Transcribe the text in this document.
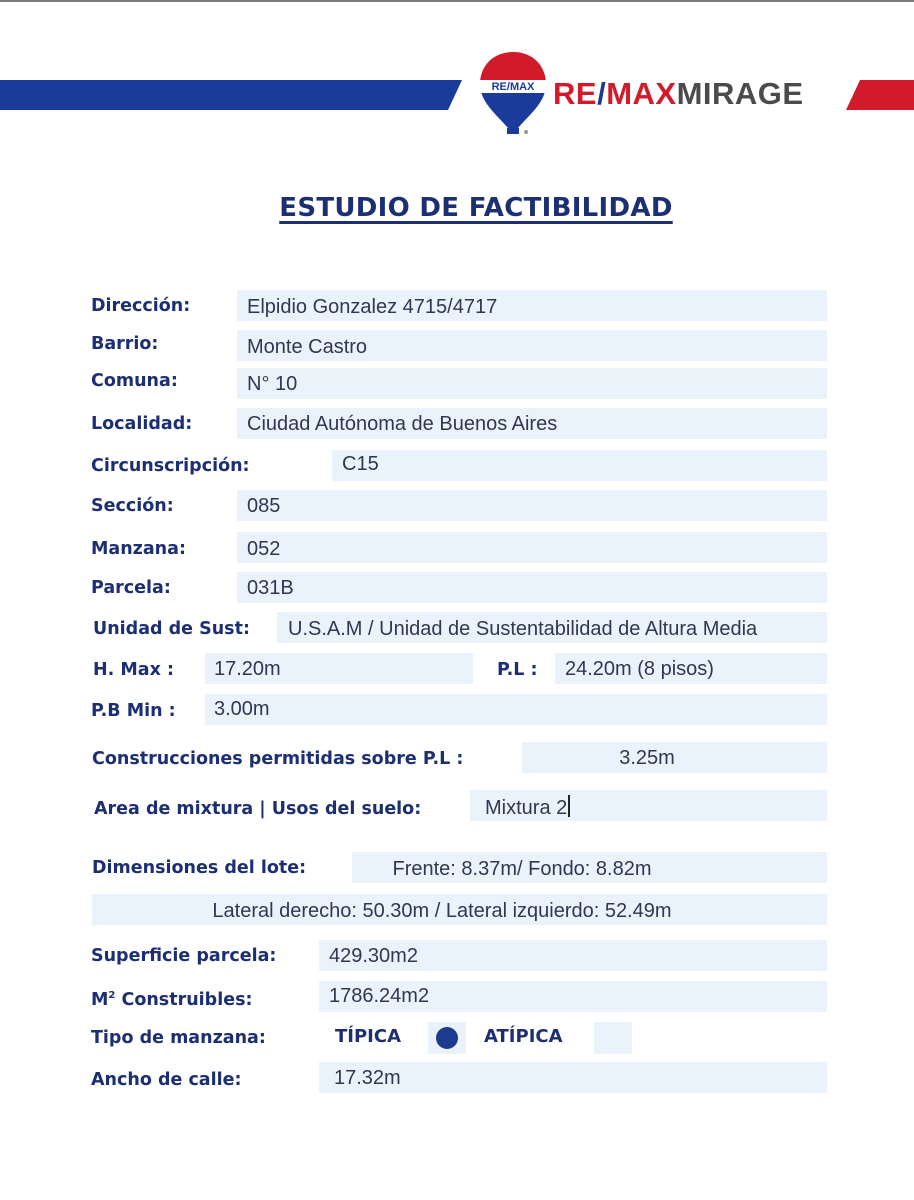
RE/MAX RE/MAXMIRAGE
ESTUDIO DE FACTIBILIDAD
Dirección:	Elpidio Gonzalez 4715/4717
Barrio:	Monte Castro
Comuna:	N° 10
Localidad:	Ciudad Autónoma de Buenos Aires
Circunscripción:	C15
Sección:	085
Manzana:	052
Parcela:	031B
Unidad de Sust: U.S.A.M / Unidad de Sustentabilidad de Altura Media
H. Max : 17.20m	P.L : 24.20m (8 pisos)
P.B Min : 3.00m
Construcciones permitidas sobre P.L :	3.25m
Area de mixtura | Usos del suelo:	Mixtura 2
Dimensiones del lote:	Frente: 8.37m/ Fondo: 8.82m
Lateral derecho: 50.30m / Lateral izquierdo: 52.49m
Superficie parcela:	429.30m2
$M^2$ Construibles:	1786.24m2
Tipo de manzana:	TÍPICA	ATÍPICA
Ancho de calle:	17.32m
